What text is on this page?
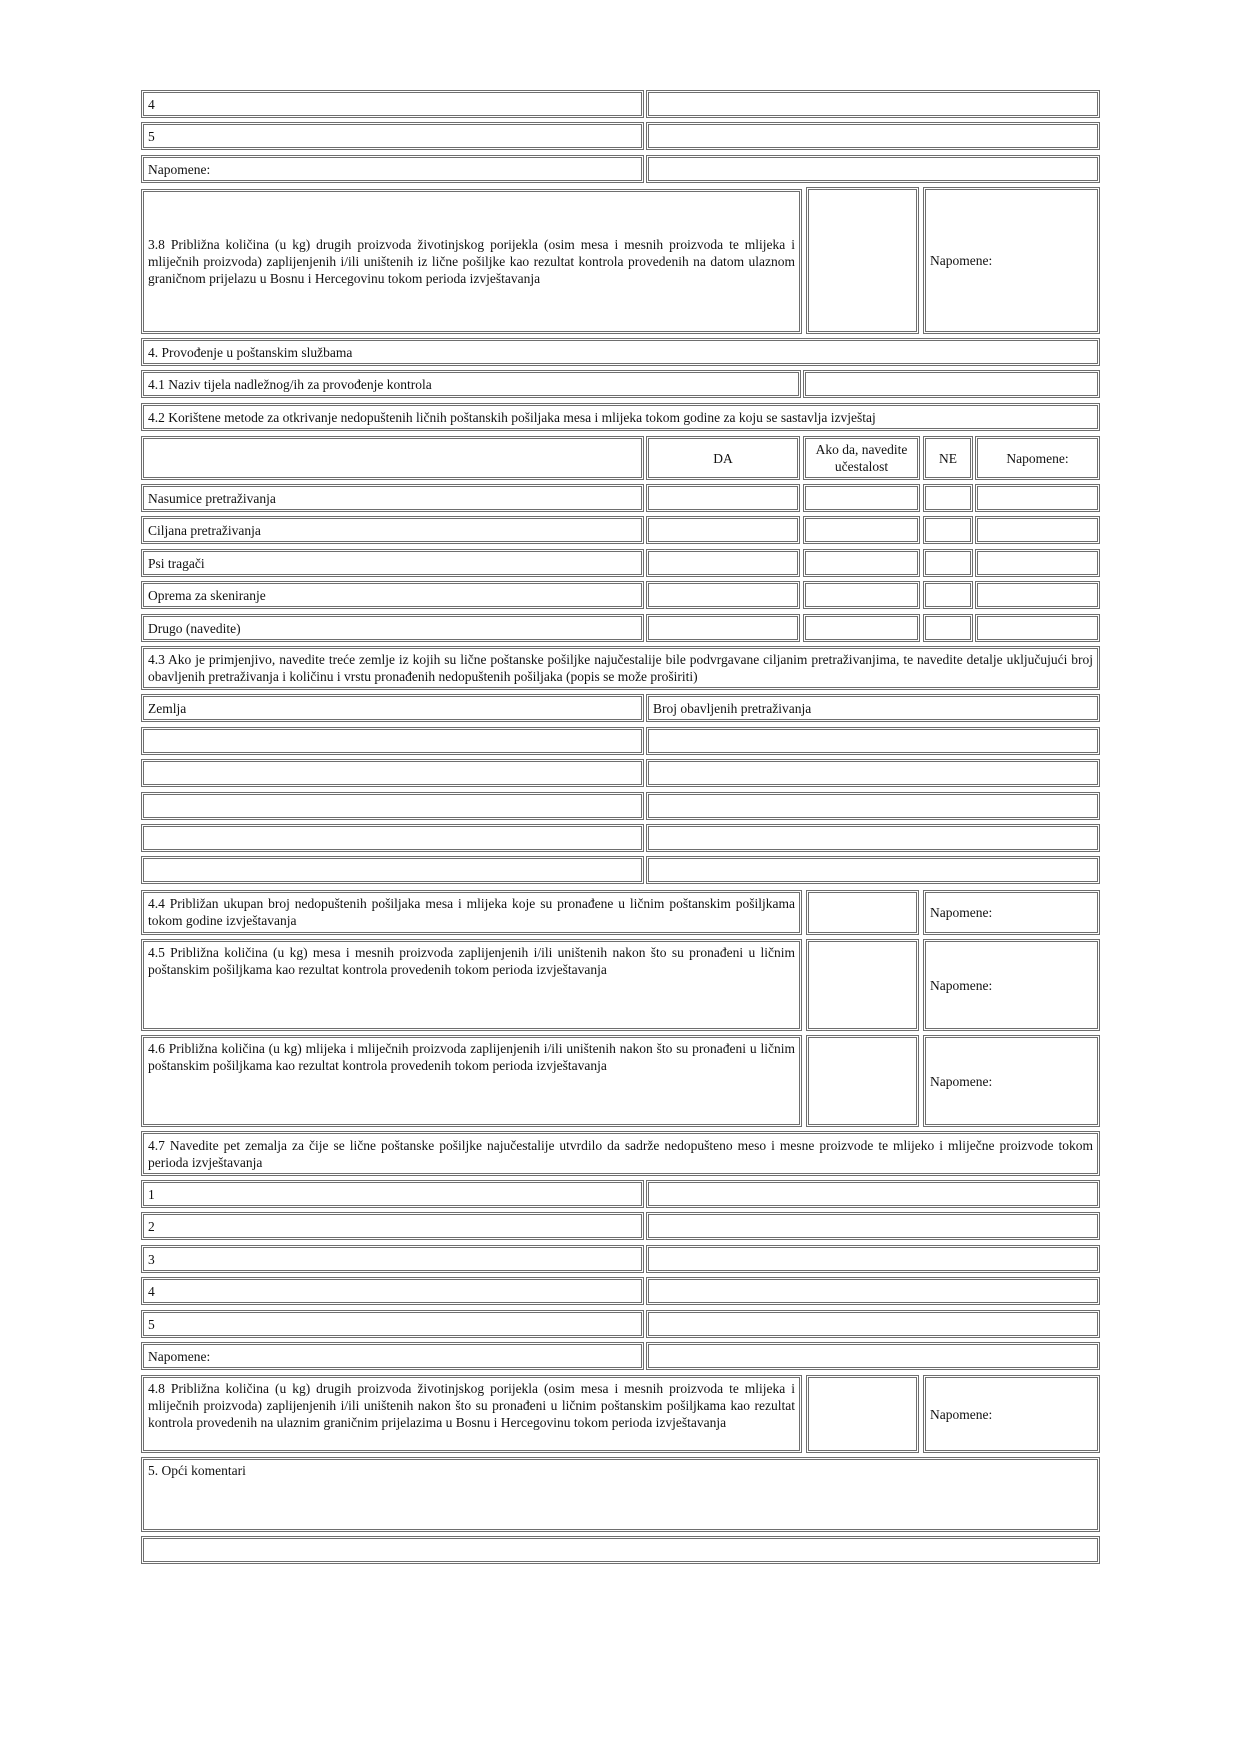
4
5
Napomene:
3.8 Približna količina (u kg) drugih proizvoda životinjskog porijekla (osim mesa i mesnih proizvoda te mlijeka i mliječnih proizvoda) zaplijenjenih i/ili uništenih iz lične pošiljke kao rezultat kontrola provedenih na datom ulaznom graničnom prijelazu u Bosnu i Hercegovinu tokom perioda izvještavanja
Napomene:
4. Provođenje u poštanskim službama
4.1 Naziv tijela nadležnog/ih za provođenje kontrola
4.2 Korištene metode za otkrivanje nedopuštenih ličnih poštanskih pošiljaka mesa i mlijeka tokom godine za koju se sastavlja izvještaj
DA
Ako da, navedite učestalost
NE	Napomene:
Nasumice pretraživanja
Ciljana pretraživanja
Psi tragači
Oprema za skeniranje
Drugo (navedite)
4.3 Ako je primjenjivo, navedite treće zemlje iz kojih su lične poštanske pošiljke najučestalije bile podvrgavane ciljanim pretraživanjima, te navedite detalje uključujući broj obavljenih pretraživanja i količinu i vrstu pronađenih nedopuštenih pošiljaka (popis se može proširiti)
Zemlja	Broj obavljenih pretraživanja
4.4 Približan ukupan broj nedopuštenih pošiljaka mesa i mlijeka koje su pronađene u ličnim poštanskim pošiljkama tokom godine izvještavanja
Napomene:
4.5 Približna količina (u kg) mesa i mesnih proizvoda zaplijenjenih i/ili uništenih nakon što su pronađeni u ličnim poštanskim pošiljkama kao rezultat kontrola provedenih tokom perioda izvještavanja
Napomene:
4.6 Približna količina (u kg) mlijeka i mliječnih proizvoda zaplijenjenih i/ili uništenih nakon što su pronađeni u ličnim poštanskim pošiljkama kao rezultat kontrola provedenih tokom perioda izvještavanja
Napomene:
4.7 Navedite pet zemalja za čije se lične poštanske pošiljke najučestalije utvrdilo da sadrže nedopušteno meso i mesne proizvode te mlijeko i mliječne proizvode tokom perioda izvještavanja
1
2
3
4
5
Napomene:
4.8 Približna količina (u kg) drugih proizvoda životinjskog porijekla (osim mesa i mesnih proizvoda te mlijeka i mliječnih proizvoda) zaplijenjenih i/ili uništenih nakon što su pronađeni u ličnim poštanskim pošiljkama kao rezultat kontrola provedenih na ulaznim graničnim prijelazima u Bosnu i Hercegovinu tokom perioda izvještavanja
Napomene:
5. Opći komentari
